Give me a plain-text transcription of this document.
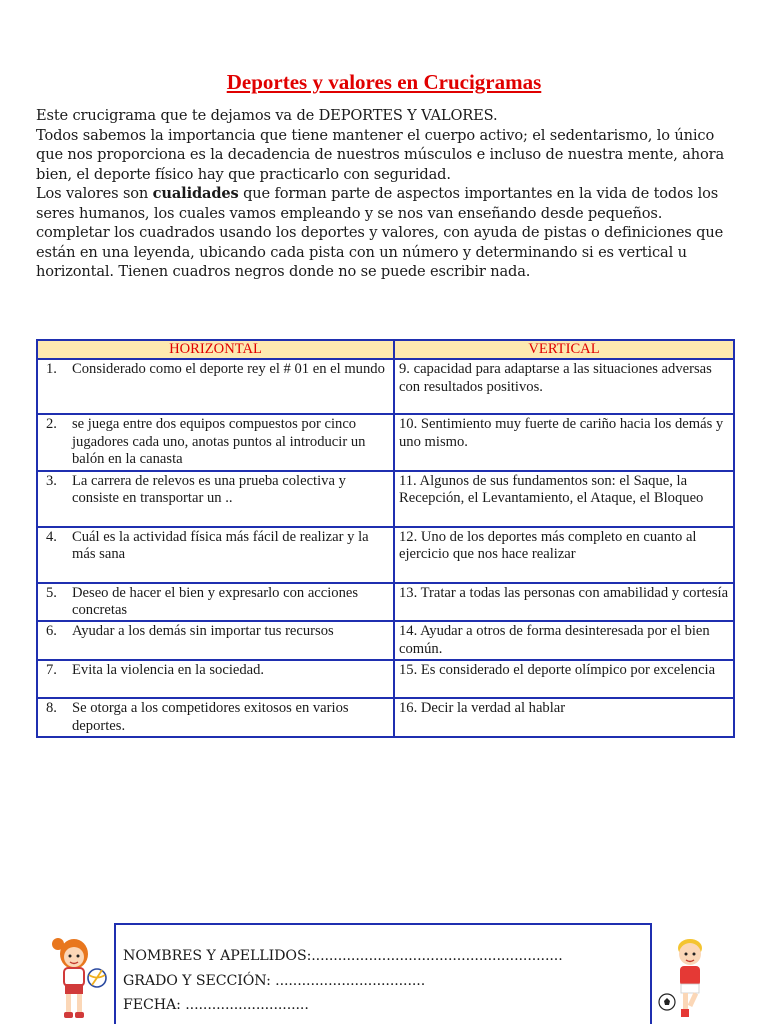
Deportes y valores en Crucigramas

Este crucigrama que te dejamos va de DEPORTES Y VALORES.

Todos sabemos la importancia que tiene mantener el cuerpo activo; el sedentarismo, lo único que nos proporciona es la decadencia de nuestros músculos e incluso de nuestra mente, ahora bien, el deporte físico hay que practicarlo con seguridad.

Los valores son cualidades que forman parte de aspectos importantes en la vida de todos los seres humanos, los cuales vamos empleando y se nos van enseñando desde pequeños.

completar los cuadrados usando los deportes y valores, con ayuda de pistas o definiciones que están en una leyenda, ubicando cada pista con un número y determinando si es vertical u horizontal. Tienen cuadros negros donde no se puede escribir nada.

HORIZONTAL	VERTICAL

1. Considerado como el deporte rey el # 01 en el mundo	9. capacidad para adaptarse a las situaciones adversas con resultados positivos.

2. se juega entre dos equipos compuestos por cinco jugadores cada uno, anotas puntos al introducir un balón en la canasta	10. Sentimiento muy fuerte de cariño hacia los demás y uno mismo.

3. La carrera de relevos es una prueba colectiva y consiste en transportar un ..	11. Algunos de sus fundamentos son: el Saque, la Recepción, el Levantamiento, el Ataque, el Bloqueo

4. Cuál es la actividad física más fácil de realizar y la más sana	12. Uno de los deportes más completo en cuanto al ejercicio que nos hace realizar

5. Deseo de hacer el bien y expresarlo con acciones concretas	13. Tratar a todas las personas con amabilidad y cortesía

6. Ayudar a los demás sin importar tus recursos	14. Ayudar a otros de forma desinteresada por el bien común.

7. Evita la violencia en la sociedad.	15. Es considerado el deporte olímpico por excelencia

8. Se otorga a los competidores exitosos en varios deportes.	16. Decir la verdad al hablar
NOMBRES Y APELLIDOS:.........................................................
GRADO Y SECCIÓN: ..................................
FECHA: ............................
